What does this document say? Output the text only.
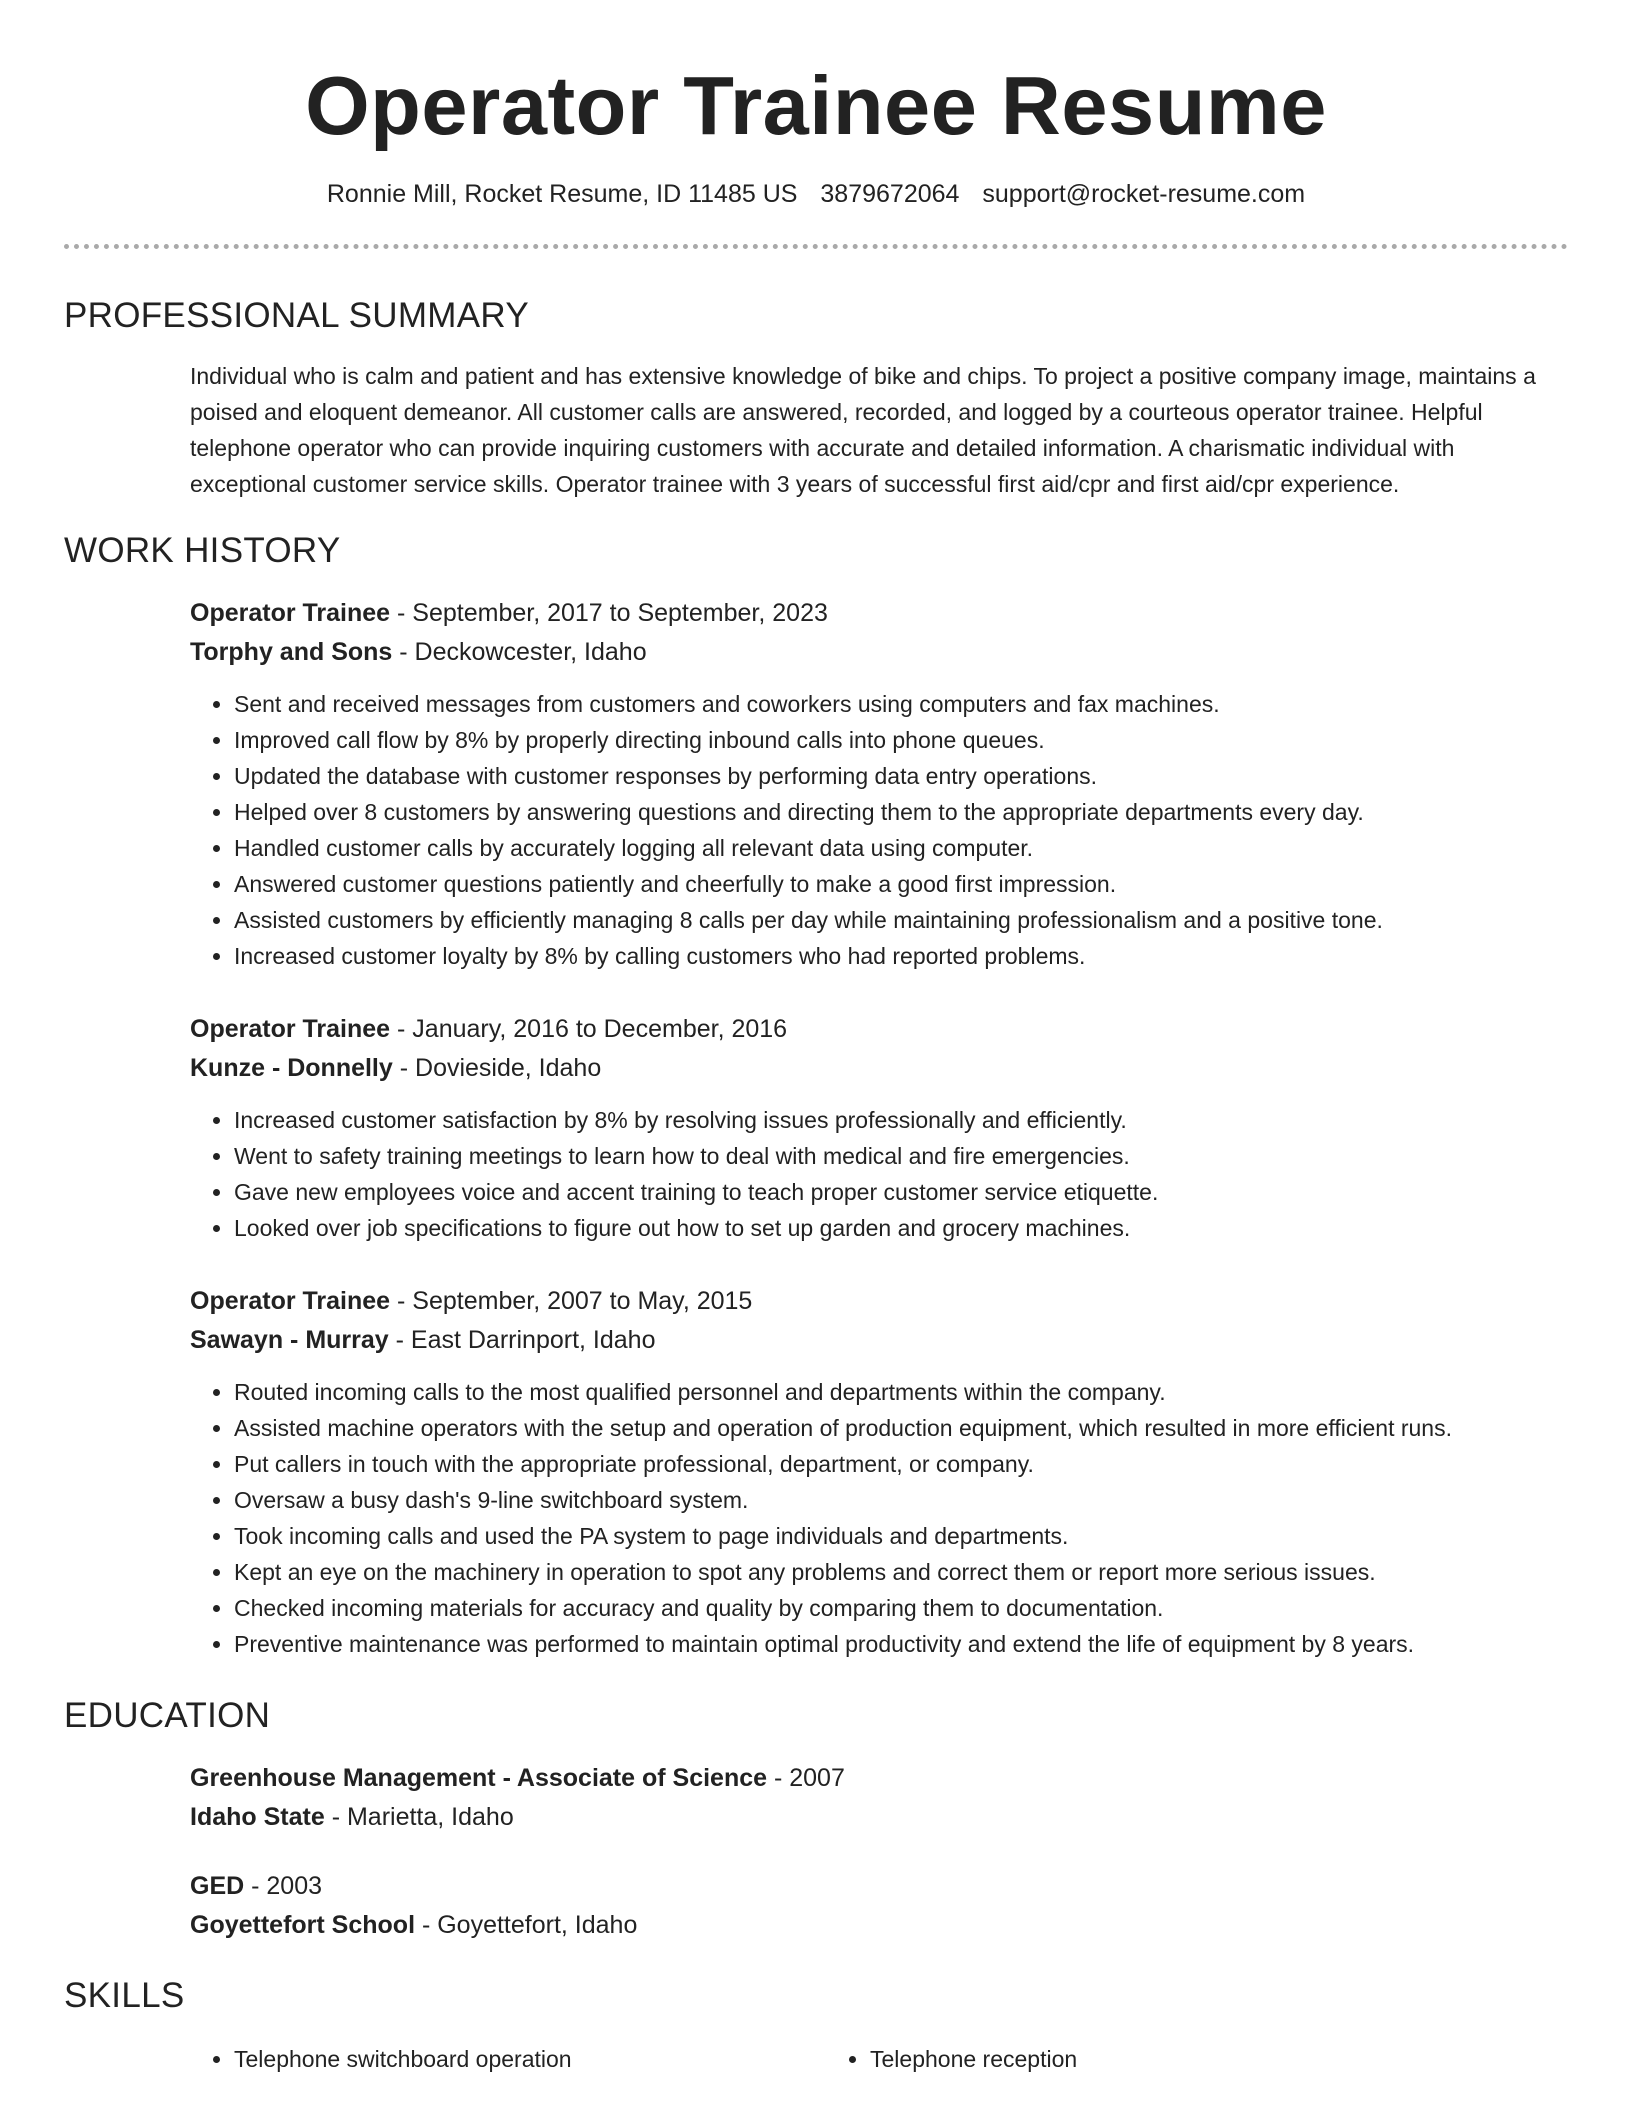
Operator Trainee Resume
Ronnie Mill, Rocket Resume, ID 11485 US 3879672064 support@rocket-resume.com
PROFESSIONAL SUMMARY
Individual who is calm and patient and has extensive knowledge of bike and chips. To project a positive company image, maintains a poised and eloquent demeanor. All customer calls are answered, recorded, and logged by a courteous operator trainee. Helpful telephone operator who can provide inquiring customers with accurate and detailed information. A charismatic individual with exceptional customer service skills. Operator trainee with 3 years of successful first aid/cpr and first aid/cpr experience.
WORK HISTORY
Operator Trainee - September, 2017 to September, 2023
Torphy and Sons - Deckowcester, Idaho
• Sent and received messages from customers and coworkers using computers and fax machines.
• Improved call flow by 8% by properly directing inbound calls into phone queues.
• Updated the database with customer responses by performing data entry operations.
• Helped over 8 customers by answering questions and directing them to the appropriate departments every day.
• Handled customer calls by accurately logging all relevant data using computer.
• Answered customer questions patiently and cheerfully to make a good first impression.
• Assisted customers by efficiently managing 8 calls per day while maintaining professionalism and a positive tone.
• Increased customer loyalty by 8% by calling customers who had reported problems.
Operator Trainee - January, 2016 to December, 2016
Kunze - Donnelly - Dovieside, Idaho
• Increased customer satisfaction by 8% by resolving issues professionally and efficiently.
• Went to safety training meetings to learn how to deal with medical and fire emergencies.
• Gave new employees voice and accent training to teach proper customer service etiquette.
• Looked over job specifications to figure out how to set up garden and grocery machines.
Operator Trainee - September, 2007 to May, 2015
Sawayn - Murray - East Darrinport, Idaho
• Routed incoming calls to the most qualified personnel and departments within the company.
• Assisted machine operators with the setup and operation of production equipment, which resulted in more efficient runs.
• Put callers in touch with the appropriate professional, department, or company.
• Oversaw a busy dash's 9-line switchboard system.
• Took incoming calls and used the PA system to page individuals and departments.
• Kept an eye on the machinery in operation to spot any problems and correct them or report more serious issues.
• Checked incoming materials for accuracy and quality by comparing them to documentation.
• Preventive maintenance was performed to maintain optimal productivity and extend the life of equipment by 8 years.
EDUCATION
Greenhouse Management - Associate of Science - 2007
Idaho State - Marietta, Idaho
GED - 2003
Goyettefort School - Goyettefort, Idaho
SKILLS
• Telephone switchboard operation
•	Telephone reception
